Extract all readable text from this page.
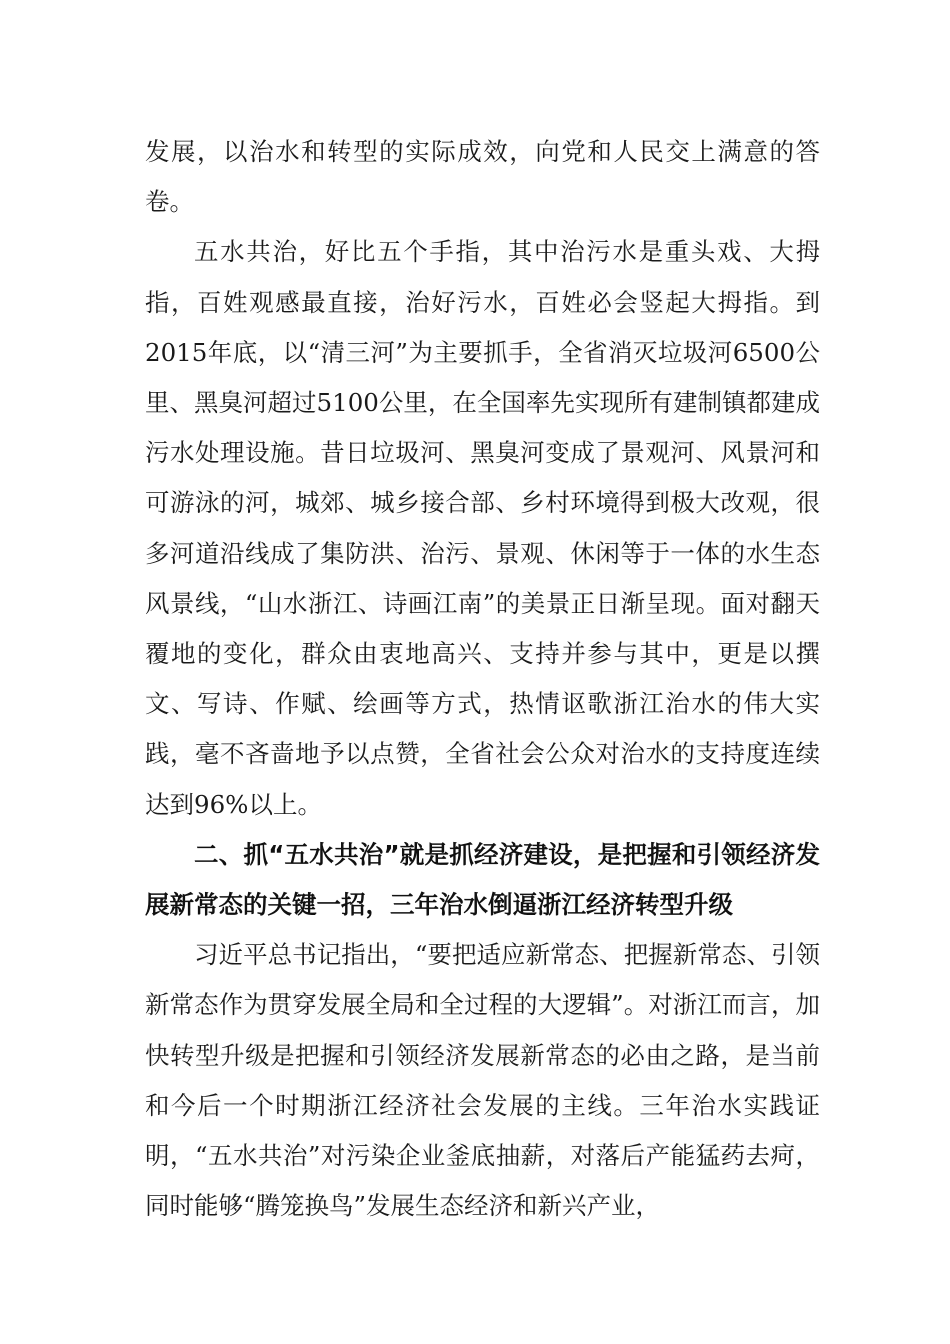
发展，以治水和转型的实际成效，向党和人民交上满意的答卷。

五水共治，好比五个手指，其中治污水是重头戏、大拇指，百姓观感最直接，治好污水，百姓必会竖起大拇指。到2015年底，以“清三河”为主要抓手，全省消灭垃圾河6500公里、黑臭河超过5100公里，在全国率先实现所有建制镇都建成污水处理设施。昔日垃圾河、黑臭河变成了景观河、风景河和可游泳的河，城郊、城乡接合部、乡村环境得到极大改观，很多河道沿线成了集防洪、治污、景观、休闲等于一体的水生态风景线，“山水浙江、诗画江南”的美景正日渐呈现。面对翻天覆地的变化，群众由衷地高兴、支持并参与其中，更是以撰文、写诗、作赋、绘画等方式，热情讴歌浙江治水的伟大实践，毫不吝啬地予以点赞，全省社会公众对治水的支持度连续达到96%以上。

二、抓“五水共治”就是抓经济建设，是把握和引领经济发展新常态的关键一招，三年治水倒逼浙江经济转型升级

习近平总书记指出，“要把适应新常态、把握新常态、引领新常态作为贯穿发展全局和全过程的大逻辑”。对浙江而言，加快转型升级是把握和引领经济发展新常态的必由之路，是当前和今后一个时期浙江经济社会发展的主线。三年治水实践证明，“五水共治”对污染企业釜底抽薪，对落后产能猛药去疴，同时能够“腾笼换鸟”发展生态经济和新兴产业，
